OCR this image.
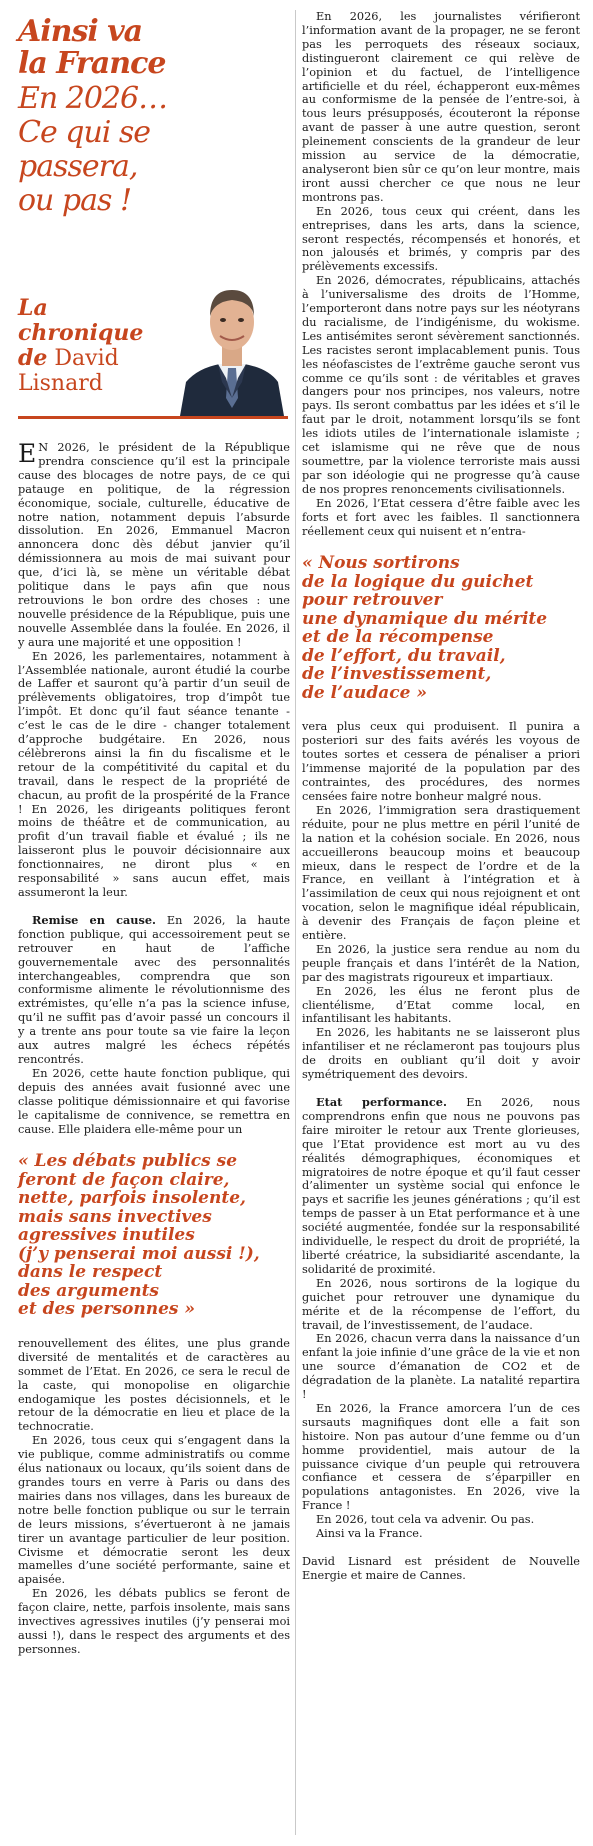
Ainsi va
la France
En 2026…
Ce qui se
passera,
ou pas !
La chronique
de David
Lisnard

E N 2026, le président de la République prendra conscience qu’il est la principale cause des blocages de notre pays, de ce qui patauge en politique, de la régression économique, sociale, culturelle, éducative de notre nation, notamment depuis l’absurde dissolution. En 2026, Emmanuel Macron annoncera donc dès début janvier qu’il démissionnera au mois de mai suivant pour que, d’ici là, se mène un véritable débat politique dans le pays afin que nous retrouvions le bon ordre des choses : une nouvelle présidence de la République, puis une nouvelle Assemblée dans la foulée. En 2026, il y aura une majorité et une opposition !

En 2026, les parlementaires, notamment à l’Assemblée nationale, auront étudié la courbe de Laffer et sauront qu’à partir d’un seuil de prélèvements obligatoires, trop d’impôt tue l’impôt. Et donc qu’il faut séance tenante - c’est le cas de le dire - changer totalement d’approche budgétaire. En 2026, nous célèbrerons ainsi la fin du fiscalisme et le retour de la compétitivité du capital et du travail, dans le respect de la propriété de chacun, au profit de la prospérité de la France ! En 2026, les dirigeants politiques feront moins de théâtre et de communication, au profit d’un travail fiable et évalué ; ils ne laisseront plus le pouvoir décisionnaire aux fonctionnaires, ne diront plus « en responsabilité » sans aucun effet, mais assumeront la leur.

Remise en cause. En 2026, la haute fonction publique, qui accessoirement peut se retrouver en haut de l’affiche gouvernementale avec des personnalités interchangeables, comprendra que son conformisme alimente le révolutionnisme des extrémistes, qu’elle n’a pas la science infuse, qu’il ne suffit pas d’avoir passé un concours il y a trente ans pour toute sa vie faire la leçon aux autres malgré les échecs répétés rencontrés.

En 2026, cette haute fonction publique, qui depuis des années avait fusionné avec une classe politique démissionnaire et qui favorise le capitalisme de connivence, se remettra en cause. Elle plaidera elle-même pour un

« Les débats publics se
feront de façon claire,
nette, parfois insolente,
mais sans invectives
agressives inutiles
(j’y penserai moi aussi !),
dans le respect
des arguments
et des personnes »

renouvellement des élites, une plus grande diversité de mentalités et de caractères au sommet de l’Etat. En 2026, ce sera le recul de la caste, qui monopolise en oligarchie endogamique les postes décisionnels, et le retour de la démocratie en lieu et place de la technocratie.

En 2026, tous ceux qui s’engagent dans la vie publique, comme administratifs ou comme élus nationaux ou locaux, qu’ils soient dans de grandes tours en verre à Paris ou dans des mairies dans nos villages, dans les bureaux de notre belle fonction publique ou sur le terrain de leurs missions, s’évertueront à ne jamais tirer un avantage particulier de leur position. Civisme et démocratie seront les deux mamelles d’une société performante, saine et apaisée.

En 2026, les débats publics se feront de façon claire, nette, parfois insolente, mais sans invectives agressives inutiles (j’y penserai moi aussi !), dans le respect des arguments et des personnes.

En 2026, les journalistes vérifieront l’information avant de la propager, ne se feront pas les perroquets des réseaux sociaux, distingueront clairement ce qui relève de l’opinion et du factuel, de l’intelligence artificielle et du réel, échapperont eux-mêmes au conformisme de la pensée de l’entre-soi, à tous leurs présupposés, écouteront la réponse avant de passer à une autre question, seront pleinement conscients de la grandeur de leur mission au service de la démocratie, analyseront bien sûr ce qu’on leur montre, mais iront aussi chercher ce que nous ne leur montrons pas.

En 2026, tous ceux qui créent, dans les entreprises, dans les arts, dans la science, seront respectés, récompensés et honorés, et non jalousés et brimés, y compris par des prélèvements excessifs.

En 2026, démocrates, républicains, attachés à l’universalisme des droits de l’Homme, l’emporteront dans notre pays sur les néotyrans du racialisme, de l’indigénisme, du wokisme. Les antisémites seront sévèrement sanctionnés. Les racistes seront implacablement punis. Tous les néofascistes de l’extrême gauche seront vus comme ce qu’ils sont : de véritables et graves dangers pour nos principes, nos valeurs, notre pays. Ils seront combattus par les idées et s’il le faut par le droit, notamment lorsqu’ils se font les idiots utiles de l’internationale islamiste ; cet islamisme qui ne rêve que de nous soumettre, par la violence terroriste mais aussi par son idéologie qui ne progresse qu’à cause de nos propres renoncements civilisationnels.

En 2026, l’Etat cessera d’être faible avec les forts et fort avec les faibles. Il sanctionnera réellement ceux qui nuisent et n’entra-

« Nous sortirons
de la logique du guichet
pour retrouver
une dynamique du mérite
et de la récompense
de l’effort, du travail,
de l’investissement,
de l’audace »

vera plus ceux qui produisent. Il punira a posteriori sur des faits avérés les voyous de toutes sortes et cessera de pénaliser a priori l’immense majorité de la population par des contraintes, des procédures, des normes censées faire notre bonheur malgré nous.

En 2026, l’immigration sera drastiquement réduite, pour ne plus mettre en péril l’unité de la nation et la cohésion sociale. En 2026, nous accueillerons beaucoup moins et beaucoup mieux, dans le respect de l’ordre et de la France, en veillant à l’intégration et à l’assimilation de ceux qui nous rejoignent et ont vocation, selon le magnifique idéal républicain, à devenir des Français de façon pleine et entière.

En 2026, la justice sera rendue au nom du peuple français et dans l’intérêt de la Nation, par des magistrats rigoureux et impartiaux.

En 2026, les élus ne feront plus de clientélisme, d’Etat comme local, en infantilisant les habitants.

En 2026, les habitants ne se laisseront plus infantiliser et ne réclameront pas toujours plus de droits en oubliant qu’il doit y avoir symétriquement des devoirs.

Etat performance. En 2026, nous comprendrons enfin que nous ne pouvons pas faire miroiter le retour aux Trente glorieuses, que l’Etat providence est mort au vu des réalités démographiques, économiques et migratoires de notre époque et qu’il faut cesser d’alimenter un système social qui enfonce le pays et sacrifie les jeunes générations ; qu’il est temps de passer à un Etat performance et à une société augmentée, fondée sur la responsabilité individuelle, le respect du droit de propriété, la liberté créatrice, la subsidiarité ascendante, la solidarité de proximité.

En 2026, nous sortirons de la logique du guichet pour retrouver une dynamique du mérite et de la récompense de l’effort, du travail, de l’investissement, de l’audace.

En 2026, chacun verra dans la naissance d’un enfant la joie infinie d’une grâce de la vie et non une source d’émanation de CO2 et de dégradation de la planète. La natalité repartira !

En 2026, la France amorcera l’un de ces sursauts magnifiques dont elle a fait son histoire. Non pas autour d’une femme ou d’un homme providentiel, mais autour de la puissance civique d’un peuple qui retrouvera confiance et cessera de s’éparpiller en populations antagonistes. En 2026, vive la France !

En 2026, tout cela va advenir. Ou pas.

Ainsi va la France.

David Lisnard est président de Nouvelle Energie et maire de Cannes.
